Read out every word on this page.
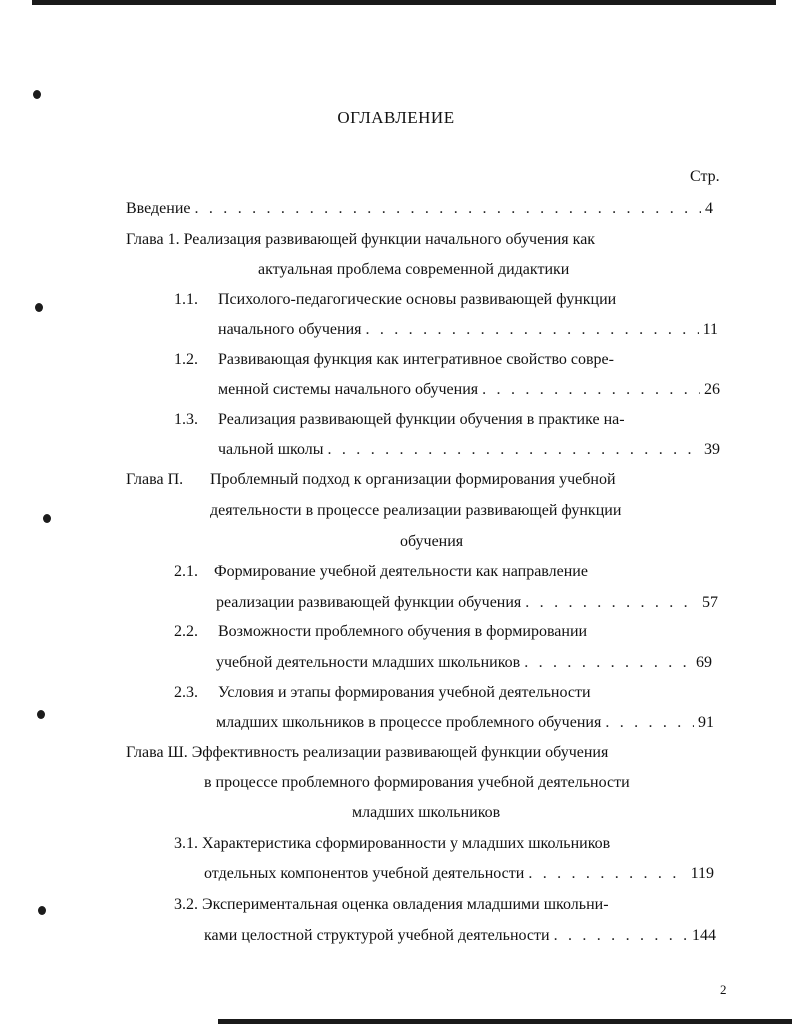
ОГЛАВЛЕНИЕ
Стр.
Введение . . .	4
Глава 1. Реализация развивающей функции начального обучения как
актуальная проблема современной дидактики
1.1. Психолого-педагогические основы развивающей функции
начального обучения . . .	11
1.2. Развивающая функция как интегративное свойство совре-
менной системы начального обучения . . .	26
1.3. Реализация развивающей функции обучения в практике на-
чальной школы . . .	39
Глава П. Проблемный подход к организации формирования учебной
деятельности в процессе реализации развивающей функции
обучения
2.1. Формирование учебной деятельности как направление
реализации развивающей функции обучения . . .	57
2.2. Возможности проблемного обучения в формировании
учебной деятельности младших школьников . . .	69
2.3. Условия и этапы формирования учебной деятельности
младших школьников в процессе проблемного обучения . . .	91
Глава Ш. Эффективность реализации развивающей функции обучения
в процессе проблемного формирования учебной деятельности
младших школьников
3.1. Характеристика сформированности у младших школьников
отдельных компонентов учебной деятельности . . .	119
3.2. Экспериментальная оценка овладения младшими школьни-
ками целостной структурой учебной деятельности . . .	144
2
